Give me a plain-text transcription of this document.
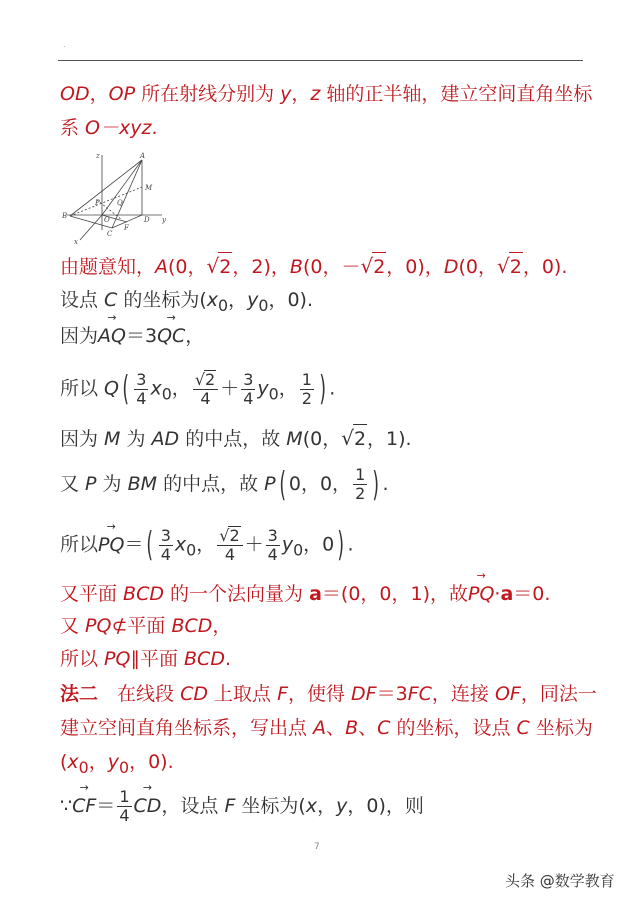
.
OD，OP 所在射线分别为 y，z 轴的正半轴，建立空间直角坐标
系 O－xyz.
z	A
M
P Q
B	O	D y
x
C
F
由题意知，A(0，√2，2)，B(0，－√2，0)，D(0，√2，0).
设点 C 的坐标为($x_0$，$y_0$，0).
因为→ AQ＝3→ QC，
所以 $Q( \frac{3}{4} x_0$， $\frac{√2}{4} + \frac{3}{4} y_0$， $\frac{1}{2}$ ) .
因为 M 为 AD 的中点，故 M(0，√2，1).
又 P 为 BM 的中点，故 P( 0，0， $\frac{1}{2}$ ) .
所以→ $PQ=( \frac{3}{4} x_0$， $\frac{√2}{4} + \frac{3}{4} y_0$，0) .
又平面 BCD 的一个法向量为 a＝(0，0，1)，故→ PQ·a＝0.
又 PQ⊄平面 BCD，
所以 PQ∥平面 BCD.
法二　在线段 CD 上取点 F，使得 DF＝3FC，连接 OF，同法一
建立空间直角坐标系，写出点 A、B、C 的坐标，设点 C 坐标为
($x_0$，$y_0$，0).
∵→ $CF= \frac{1}{4}$
→ CD，设点 F 坐标为(x，y，0)，则
7
头条 @数学教育
